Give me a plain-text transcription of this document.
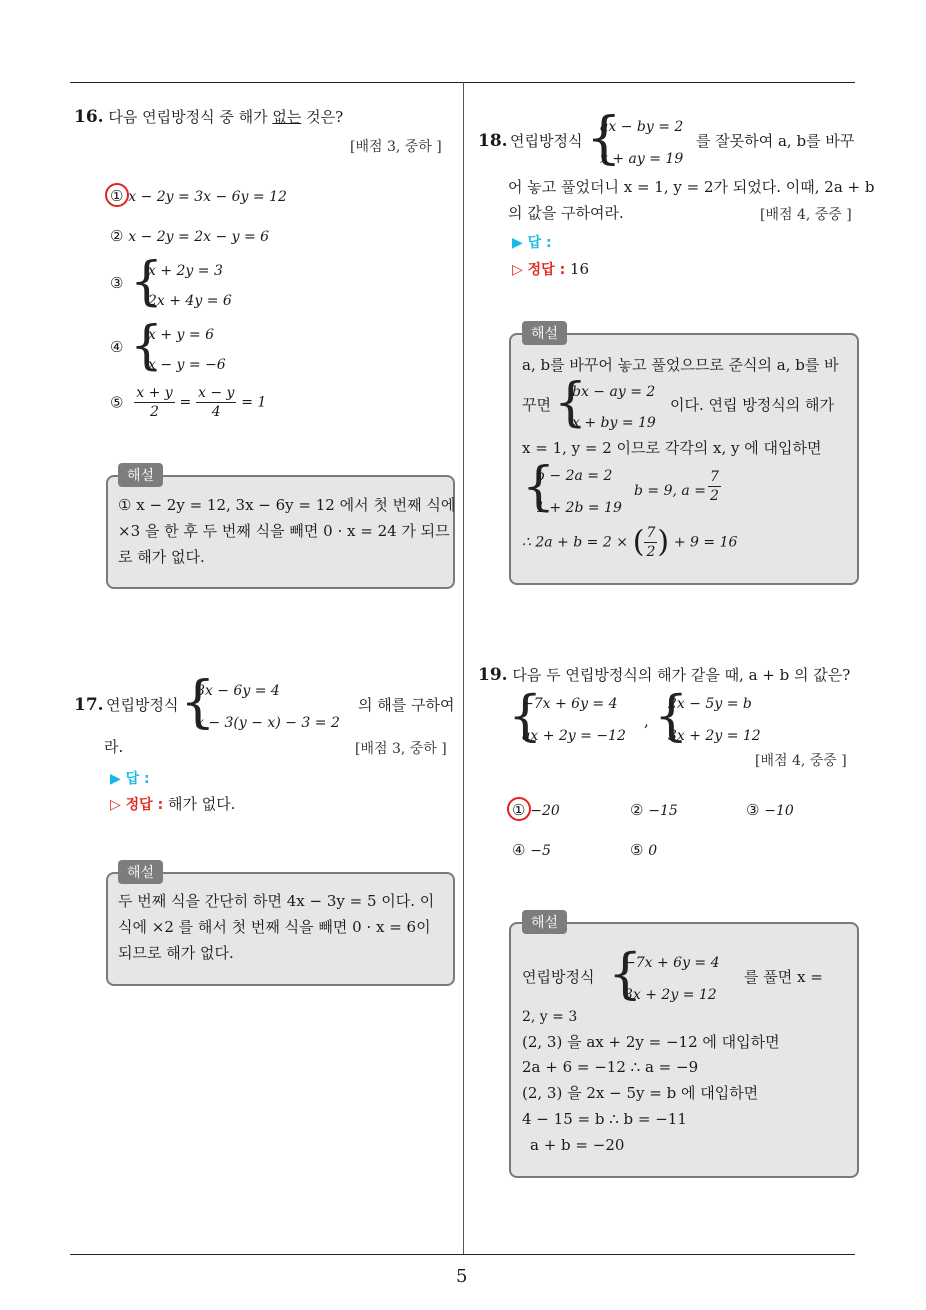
5
16. 다음 연립방정식 중 해가 없는 것은?
[배점 3, 중하 ]
① x − 2y = 3x − 6y = 12
② x − 2y = 2x − y = 6
③ {
x + 2y = 3
2x + 4y = 6
④ {
x + y = 6
x − y = −6
⑤ $\frac{x + y}{2} = \frac{x - y}{4} = 1$
해설
① x − 2y = 12, 3x − 6y = 12 에서 첫 번째 식에
×3 을 한 후 두 번째 식을 빼면 0 · x = 24 가 되므
로 해가 없다.
17. 연립방정식 {
8x − 6y = 4
x − 3(y − x) − 3 = 2
의 해를 구하여
라.	[배점 3, 중하 ]
▶ 답 :
▷ 정답 : 해가 없다.
해설
두 번째 식을 간단히 하면 4x − 3y = 5 이다. 이
식에 ×2 를 해서 첫 번째 식을 빼면 0 · x = 6이
되므로 해가 없다.
18. 연립방정식 {
ax − by = 2
x + ay = 19
를 잘못하여 a, b를 바꾸
어 놓고 풀었더니 x = 1, y = 2가 되었다. 이때, 2a + b
의 값을 구하여라.	[배점 4, 중중 ]
▶ 답 :
▷ 정답 : 16
해설
a, b를 바꾸어 놓고 풀었으므로 준식의 a, b를 바
꾸면 {
bx − ay = 2
x + by = 19
이다. 연립 방정식의 해가
x = 1, y = 2 이므로 각각의 x, y 에 대입하면
{
b − 2a = 2
1 + 2b = 19
b = 9, $a = \frac{7}{2}$
∴ 2a + b = 2 × ( $\frac{7}{2}$ ) + 9 = 16
19. 다음 두 연립방정식의 해가 같을 때, a + b 의 값은?
{
−7x + 6y = 4
ax + 2y = −12
, {
2x − 5y = b
3x + 2y = 12
[배점 4, 중중 ]
① −20	② −15	③ −10
④ −5	⑤ 0
해설
연립방정식 {
−7x + 6y = 4
3x + 2y = 12
를 풀면 x =
2, y = 3
(2, 3) 을 ax + 2y = −12 에 대입하면
2a + 6 = −12 ∴ a = −9
(2, 3) 을 2x − 5y = b 에 대입하면
4 − 15 = b ∴ b = −11
a + b = −20
